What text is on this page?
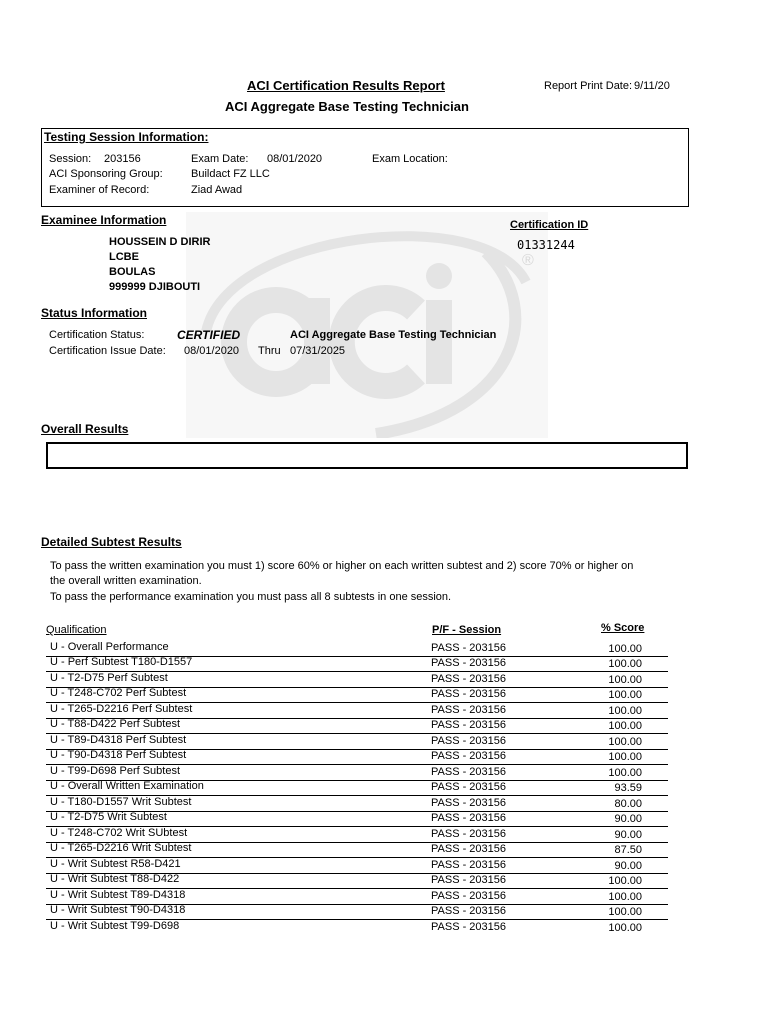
ACI Certification Results Report	Report Print Date: 9/11/20
ACI Aggregate Base Testing Technician
Testing Session Information:
Session: 203156	Exam Date: 08/01/2020	Exam Location:
ACI Sponsoring Group:	Buildact FZ LLC
Examiner of Record:	Ziad Awad
®
Examinee Information
HOUSSEIN D DIRIR
LCBE
BOULAS
999999 DJIBOUTI
Certification ID
01331244
Status Information
Certification Status:	CERTIFIED	ACI Aggregate Base Testing Technician
Certification Issue Date: 08/01/2020 Thru 07/31/2025
Overall Results
Detailed Subtest Results
To pass the written examination you must 1) score 60% or higher on each written subtest and 2) score 70% or higher on
the overall written examination.
To pass the performance examination you must pass all 8 subtests in one session.
Qualification	P/F - Session	% Score
U - Overall Performance	PASS - 203156	100.00
U - Perf Subtest T180-D1557	PASS - 203156	100.00
U - T2-D75 Perf Subtest	PASS - 203156	100.00
U - T248-C702 Perf Subtest	PASS - 203156	100.00
U - T265-D2216 Perf Subtest	PASS - 203156	100.00
U - T88-D422 Perf Subtest	PASS - 203156	100.00
U - T89-D4318 Perf Subtest	PASS - 203156	100.00
U - T90-D4318 Perf Subtest	PASS - 203156	100.00
U - T99-D698 Perf Subtest	PASS - 203156	100.00
U - Overall Written Examination	PASS - 203156	93.59
U - T180-D1557 Writ Subtest	PASS - 203156	80.00
U - T2-D75 Writ Subtest	PASS - 203156	90.00
U - T248-C702 Writ SUbtest	PASS - 203156	90.00
U - T265-D2216 Writ Subtest	PASS - 203156	87.50
U - Writ Subtest R58-D421	PASS - 203156	90.00
U - Writ Subtest T88-D422	PASS - 203156	100.00
U - Writ Subtest T89-D4318	PASS - 203156	100.00
U - Writ Subtest T90-D4318	PASS - 203156	100.00
U - Writ Subtest T99-D698	PASS - 203156	100.00
